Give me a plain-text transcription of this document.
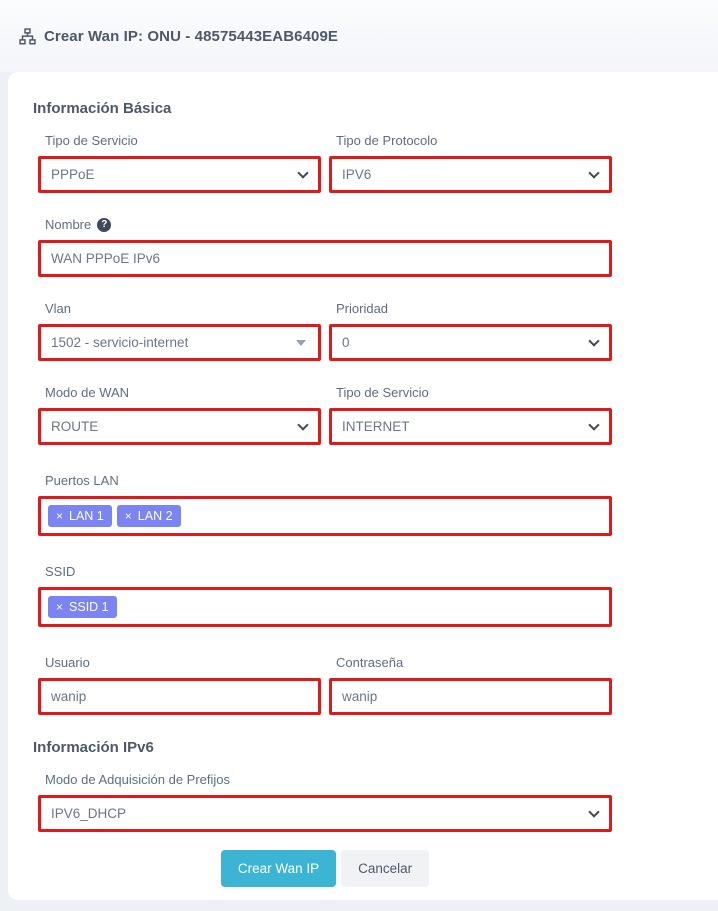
Crear Wan IP: ONU - 48575443EAB6409E
Información Básica
Tipo de Servicio
PPPoE
Tipo de Protocolo
IPV6
Nombre ?
WAN PPPoE IPv6
Vlan
1502 - servicio-internet
Prioridad
0
Modo de WAN
ROUTE
Tipo de Servicio
INTERNET
Puertos LAN
× LAN 1 × LAN 2
SSID
× SSID 1
Usuario
wanip	Contraseña
wanip
Información IPv6
Modo de Adquisición de Prefijos
IPV6_DHCP
Crear Wan IP	Cancelar
